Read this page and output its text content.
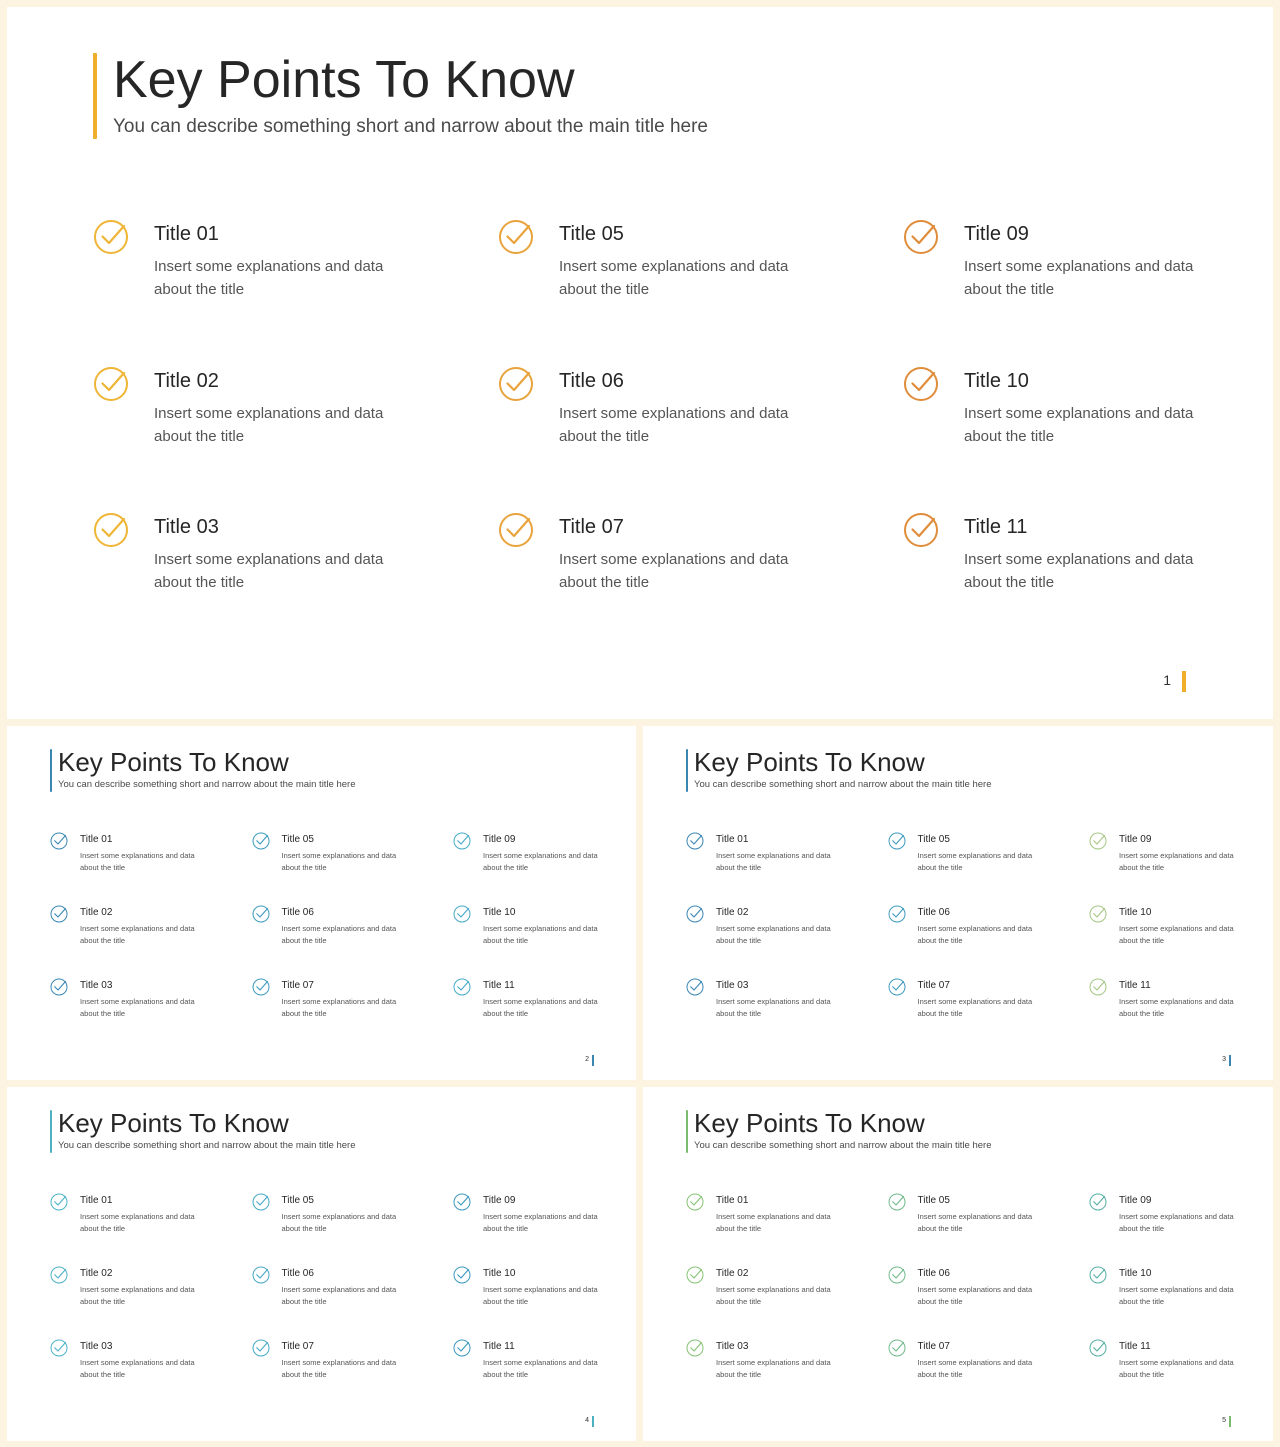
Key Points To Know
You can describe something short and narrow about the main title here
Title 01
Insert some explanations and data
about the title
Title 02
Insert some explanations and data
about the title
Title 03
Insert some explanations and data
about the title
Title 05
Insert some explanations and data
about the title
Title 06
Insert some explanations and data
about the title
Title 07
Insert some explanations and data
about the title
Title 09
Insert some explanations and data
about the title
Title 10
Insert some explanations and data
about the title
Title 11
Insert some explanations and data
about the title
1
Key Points To Know
You can describe something short and narrow about the main title here
Title 01
Insert some explanations and data
about the title
Title 02
Insert some explanations and data
about the title
Title 03
Insert some explanations and data
about the title
Title 05
Insert some explanations and data
about the title
Title 06
Insert some explanations and data
about the title
Title 07
Insert some explanations and data
about the title
Title 09
Insert some explanations and data
about the title
Title 10
Insert some explanations and data
about the title
Title 11
Insert some explanations and data
about the title
2
Key Points To Know
You can describe something short and narrow about the main title here
Title 01
Insert some explanations and data
about the title
Title 02
Insert some explanations and data
about the title
Title 03
Insert some explanations and data
about the title
Title 05
Insert some explanations and data
about the title
Title 06
Insert some explanations and data
about the title
Title 07
Insert some explanations and data
about the title
Title 09
Insert some explanations and data
about the title
Title 10
Insert some explanations and data
about the title
Title 11
Insert some explanations and data
about the title
3
Key Points To Know
You can describe something short and narrow about the main title here
Title 01
Insert some explanations and data
about the title
Title 02
Insert some explanations and data
about the title
Title 03
Insert some explanations and data
about the title
Title 05
Insert some explanations and data
about the title
Title 06
Insert some explanations and data
about the title
Title 07
Insert some explanations and data
about the title
Title 09
Insert some explanations and data
about the title
Title 10
Insert some explanations and data
about the title
Title 11
Insert some explanations and data
about the title
4
Key Points To Know
You can describe something short and narrow about the main title here
Title 01
Insert some explanations and data
about the title
Title 02
Insert some explanations and data
about the title
Title 03
Insert some explanations and data
about the title
Title 05
Insert some explanations and data
about the title
Title 06
Insert some explanations and data
about the title
Title 07
Insert some explanations and data
about the title
Title 09
Insert some explanations and data
about the title
Title 10
Insert some explanations and data
about the title
Title 11
Insert some explanations and data
about the title
5
